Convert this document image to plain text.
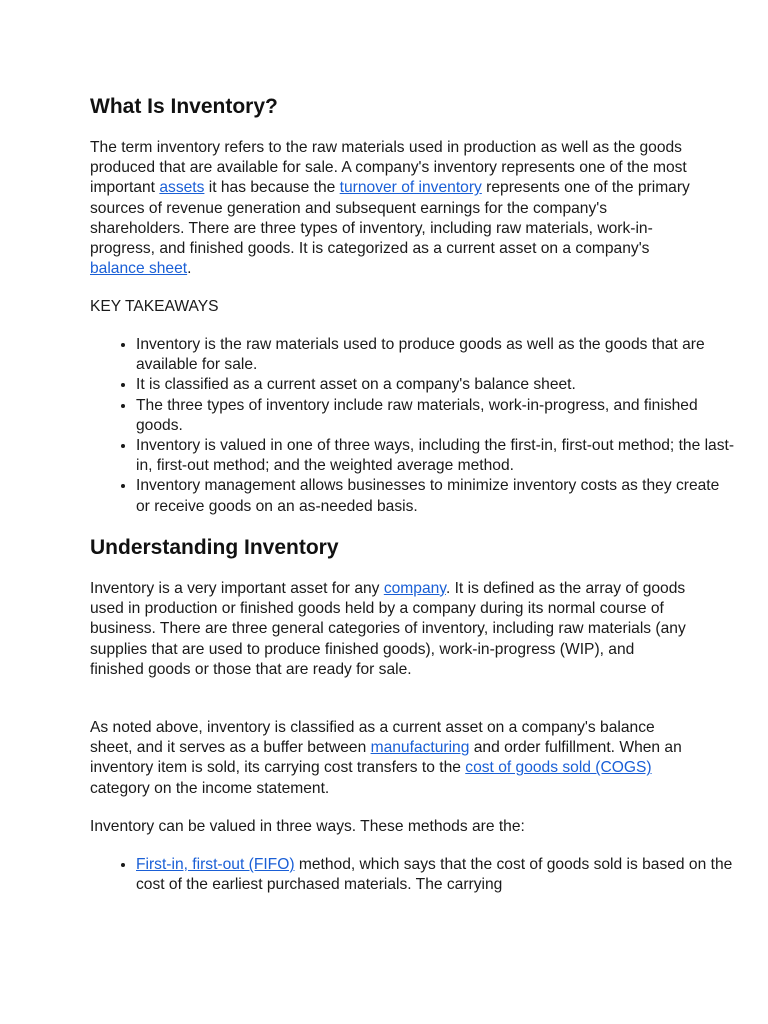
What Is Inventory?

The term inventory refers to the raw materials used in production as well as the goods produced that are available for sale. A company's inventory represents one of the most important assets it has because the turnover of inventory represents one of the primary sources of revenue generation and subsequent earnings for the company's shareholders. There are three types of inventory, including raw materials, work-in-progress, and finished goods. It is categorized as a current asset on a company's balance sheet.

KEY TAKEAWAYS

• Inventory is the raw materials used to produce goods as well as the goods that are available for sale.
• It is classified as a current asset on a company's balance sheet.
• The three types of inventory include raw materials, work-in-progress, and finished goods.
• Inventory is valued in one of three ways, including the first-in, first-out method; the last-in, first-out method; and the weighted average method.
• Inventory management allows businesses to minimize inventory costs as they create or receive goods on an as-needed basis.
Understanding Inventory

Inventory is a very important asset for any company. It is defined as the array of goods used in production or finished goods held by a company during its normal course of business. There are three general categories of inventory, including raw materials (any supplies that are used to produce finished goods), work-in-progress (WIP), and finished goods or those that are ready for sale.

As noted above, inventory is classified as a current asset on a company's balance sheet, and it serves as a buffer between manufacturing and order fulfillment. When an inventory item is sold, its carrying cost transfers to the cost of goods sold (COGS) category on the income statement.

Inventory can be valued in three ways. These methods are the:

• First-in, first-out (FIFO) method, which says that the cost of goods sold is based on the cost of the earliest purchased materials. The carrying
